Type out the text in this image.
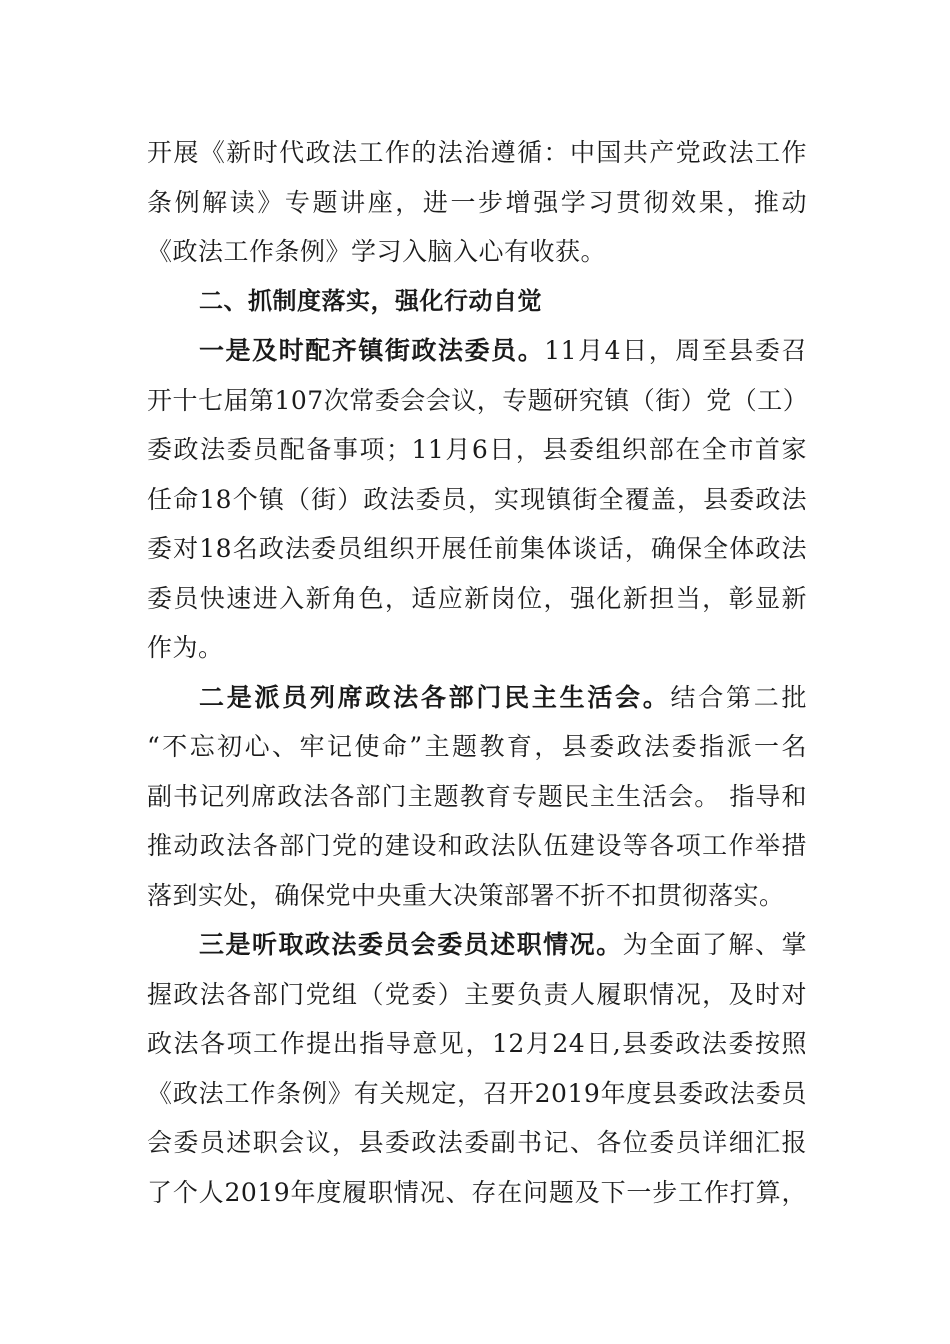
开展《新时代政法工作的法治遵循：中国共产党政法工作
条例解读》专题讲座，进一步增强学习贯彻效果，推动
《政法工作条例》学习入脑入心有收获。
二、抓制度落实，强化行动自觉
一是及时配齐镇街政法委员。11月4日，周至县委召
开十七届第107次常委会会议，专题研究镇（街）党（工）
委政法委员配备事项；11月6日，县委组织部在全市首家
任命18个镇（街）政法委员，实现镇街全覆盖，县委政法
委对18名政法委员组织开展任前集体谈话，确保全体政法
委员快速进入新角色，适应新岗位，强化新担当，彰显新
作为。
二是派员列席政法各部门民主生活会。结合第二批
“不忘初心、牢记使命”主题教育，县委政法委指派一名
副书记列席政法各部门主题教育专题民主生活会。 指导和
推动政法各部门党的建设和政法队伍建设等各项工作举措
落到实处，确保党中央重大决策部署不折不扣贯彻落实。
三是听取政法委员会委员述职情况。为全面了解、掌
握政法各部门党组（党委）主要负责人履职情况，及时对
政法各项工作提出指导意见，12月24日,县委政法委按照
《政法工作条例》有关规定，召开2019年度县委政法委员
会委员述职会议，县委政法委副书记、各位委员详细汇报
了个人2019年度履职情况、存在问题及下一步工作打算，
